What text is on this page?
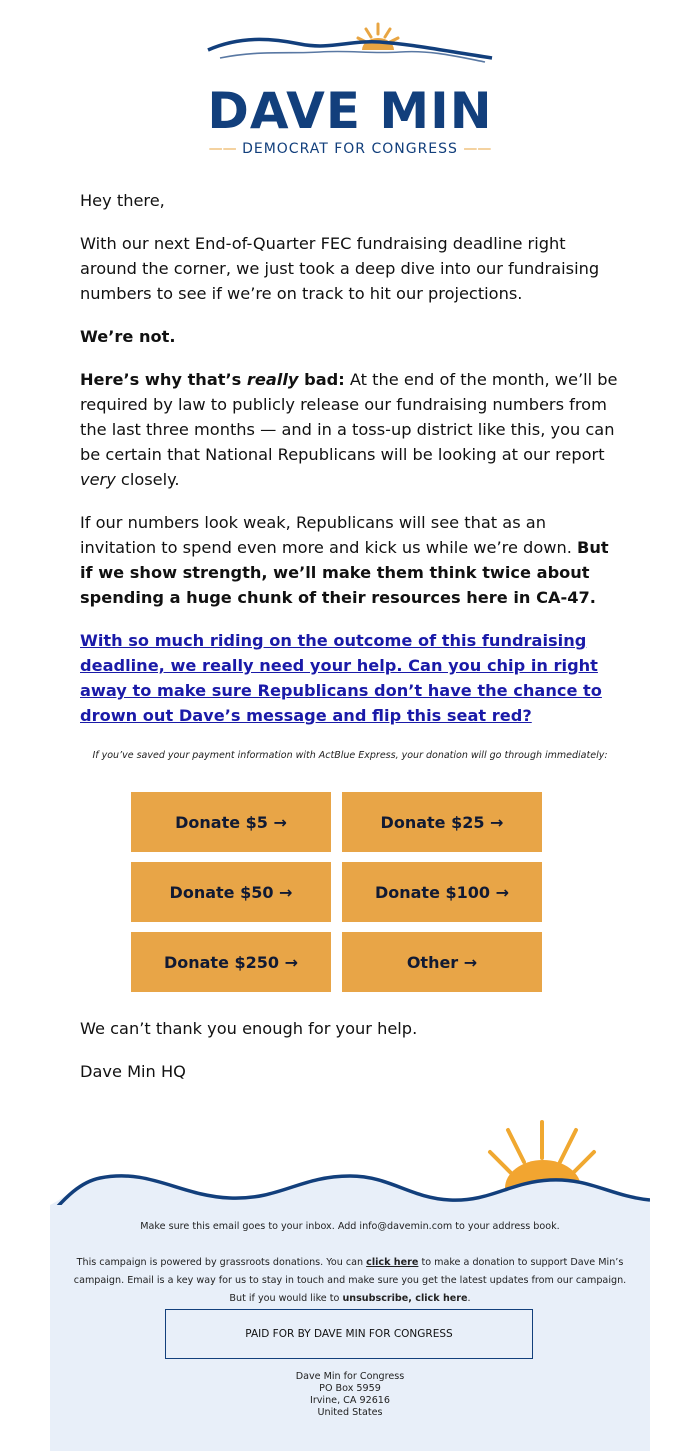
DAVE MIN
—— DEMOCRAT FOR CONGRESS ——

Hey there,

With our next End-of-Quarter FEC fundraising deadline right around the corner, we just took a deep dive into our fundraising numbers to see if we’re on track to hit our projections.

We’re not.

Here’s why that’s really bad: At the end of the month, we’ll be required by law to publicly release our fundraising numbers from the last three months — and in a toss-up district like this, you can be certain that National Republicans will be looking at our report very closely.

If our numbers look weak, Republicans will see that as an invitation to spend even more and kick us while we’re down. But if we show strength, we’ll make them think twice about spending a huge chunk of their resources here in CA-47.

With so much riding on the outcome of this fundraising deadline, we really need your help. Can you chip in right away to make sure Republicans don’t have the chance to drown out Dave’s message and flip this seat red?

If you’ve saved your payment information with ActBlue Express, your donation will go through immediately:
Donate $5 →	Donate $25 →
Donate $50 →	Donate $100 →
Donate $250 →	Other →

We can’t thank you enough for your help.

Dave Min HQ

Make sure this email goes to your inbox. Add info@davemin.com to your address book.
This campaign is powered by grassroots donations. You can click here to make a donation to support Dave Min’s campaign. Email is a key way for us to stay in touch and make sure you get the latest updates from our campaign. But if you would like to unsubscribe, click here.
PAID FOR BY DAVE MIN FOR CONGRESS
Dave Min for Congress
PO Box 5959
Irvine, CA 92616
United States
